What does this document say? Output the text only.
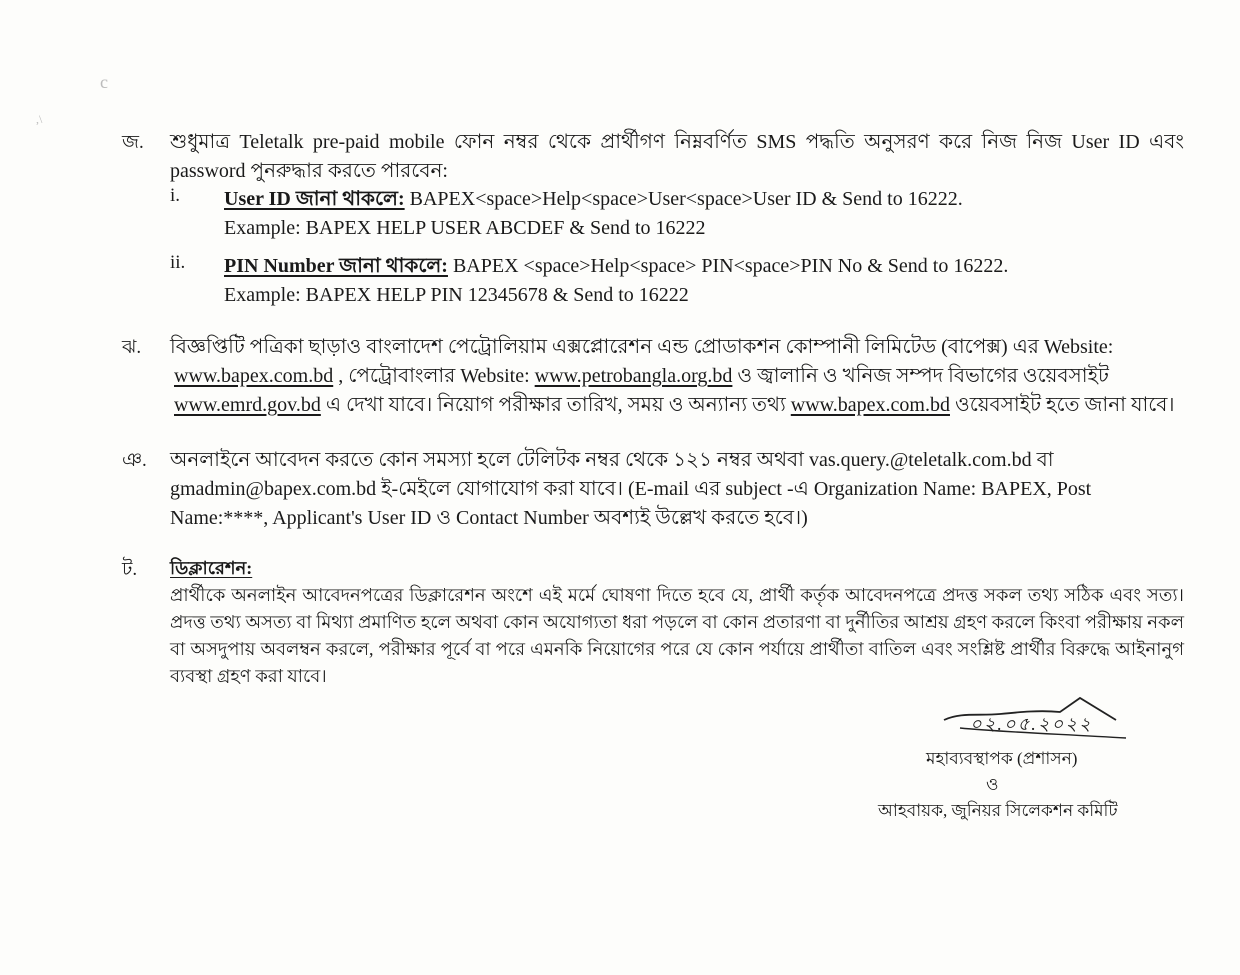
c
,\
জ. শুধুমাত্র Teletalk pre-paid mobile ফোন নম্বর থেকে প্রার্থীগণ নিম্নবর্ণিত SMS পদ্ধতি অনুসরণ করে নিজ নিজ User ID এবং
password পুনরুদ্ধার করতে পারবেন:
i. User ID জানা থাকলে: BAPEX<space>Help<space>User<space>User ID & Send to 16222.
Example: BAPEX HELP USER ABCDEF & Send to 16222
ii. PIN Number জানা থাকলে: BAPEX <space>Help<space> PIN<space>PIN No & Send to 16222.
Example: BAPEX HELP PIN 12345678 & Send to 16222
ঝ. বিজ্ঞপ্তিটি পত্রিকা ছাড়াও বাংলাদেশ পেট্রোলিয়াম এক্সপ্লোরেশন এন্ড প্রোডাকশন কোম্পানী লিমিটেড (বাপেক্স) এর Website:
www.bapex.com.bd , পেট্রোবাংলার Website: www.petrobangla.org.bd ও জ্বালানি ও খনিজ সম্পদ বিভাগের ওয়েবসাইট
www.emrd.gov.bd এ দেখা যাবে। নিয়োগ পরীক্ষার তারিখ, সময় ও অন্যান্য তথ্য www.bapex.com.bd ওয়েবসাইট হতে জানা যাবে।
ঞ. অনলাইনে আবেদন করতে কোন সমস্যা হলে টেলিটক নম্বর থেকে ১২১ নম্বর অথবা vas.query.@teletalk.com.bd বা
gmadmin@bapex.com.bd ই-মেইলে যোগাযোগ করা যাবে। (E-mail এর subject -এ Organization Name: BAPEX, Post
Name:****, Applicant's User ID ও Contact Number অবশ্যই উল্লেখ করতে হবে।)
ট. ডিক্লারেশন:
প্রার্থীকে অনলাইন আবেদনপত্রের ডিক্লারেশন অংশে এই মর্মে ঘোষণা দিতে হবে যে, প্রার্থী কর্তৃক আবেদনপত্রে প্রদত্ত সকল তথ্য সঠিক এবং সত্য।
প্রদত্ত তথ্য অসত্য বা মিথ্যা প্রমাণিত হলে অথবা কোন অযোগ্যতা ধরা পড়লে বা কোন প্রতারণা বা দুর্নীতির আশ্রয় গ্রহণ করলে কিংবা পরীক্ষায় নকল
বা অসদুপায় অবলম্বন করলে, পরীক্ষার পূর্বে বা পরে এমনকি নিয়োগের পরে যে কোন পর্যায়ে প্রার্থীতা বাতিল এবং সংশ্লিষ্ট প্রার্থীর বিরুদ্ধে আইনানুগ
ব্যবস্থা গ্রহণ করা যাবে।
০২.০৫.২০২২
মহাব্যবস্থাপক (প্রশাসন)
ও
আহবায়ক, জুনিয়র সিলেকশন কমিটি
